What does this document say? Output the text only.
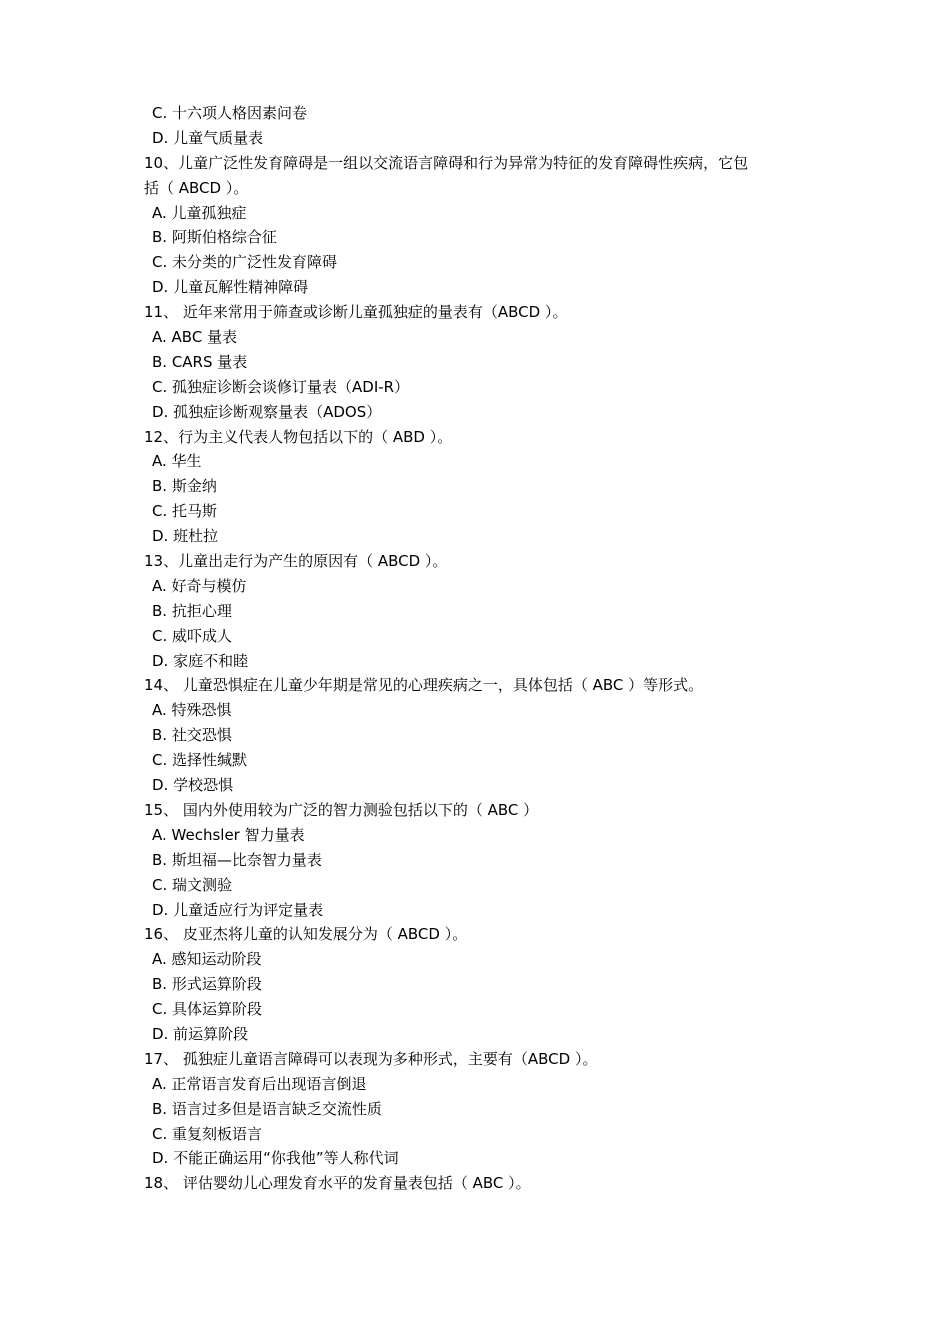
C. 十六项人格因素问卷
D. 儿童气质量表
10、儿童广泛性发育障碍是一组以交流语言障碍和行为异常为特征的发育障碍性疾病，它包
括（ ABCD ）。
A. 儿童孤独症
B. 阿斯伯格综合征
C. 未分类的广泛性发育障碍
D. 儿童瓦解性精神障碍
11、 近年来常用于筛查或诊断儿童孤独症的量表有（ABCD ）。
A. ABC 量表
B. CARS 量表
C. 孤独症诊断会谈修订量表（ADI-R）
D. 孤独症诊断观察量表（ADOS）
12、行为主义代表人物包括以下的（ ABD ）。
A. 华生
B. 斯金纳
C. 托马斯
D. 班杜拉
13、儿童出走行为产生的原因有（ ABCD ）。
A. 好奇与模仿
B. 抗拒心理
C. 威吓成人
D. 家庭不和睦
14、 儿童恐惧症在儿童少年期是常见的心理疾病之一，具体包括（ ABC ）等形式。
A. 特殊恐惧
B. 社交恐惧
C. 选择性缄默
D. 学校恐惧
15、 国内外使用较为广泛的智力测验包括以下的（ ABC ）
A. Wechsler 智力量表
B. 斯坦福—比奈智力量表
C. 瑞文测验
D. 儿童适应行为评定量表
16、 皮亚杰将儿童的认知发展分为（ ABCD ）。
A. 感知运动阶段
B. 形式运算阶段
C. 具体运算阶段
D. 前运算阶段
17、 孤独症儿童语言障碍可以表现为多种形式，主要有（ABCD ）。
A. 正常语言发育后出现语言倒退
B. 语言过多但是语言缺乏交流性质
C. 重复刻板语言
D. 不能正确运用“你我他”等人称代词
18、 评估婴幼儿心理发育水平的发育量表包括（ ABC ）。
